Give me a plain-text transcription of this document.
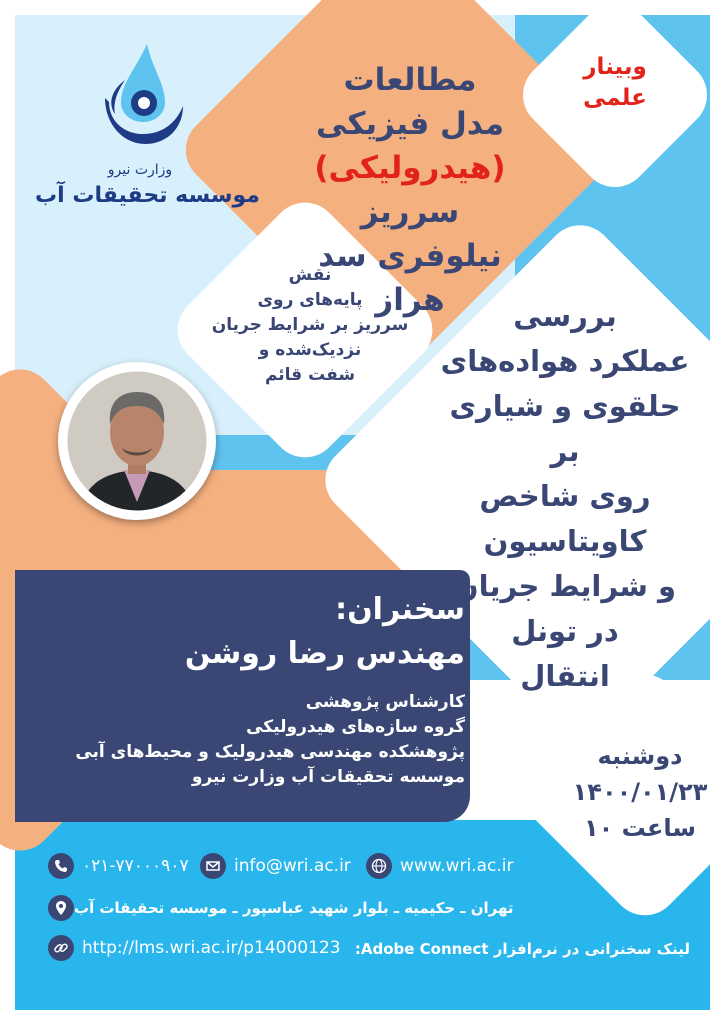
وزارت نیرو
موسسه تحقیقات آب
وبینار
علمی
مطالعات
مدل فیزیکی
(هیدرولیکی) سرریز
نیلوفری سد
هراز
نقش
پایه‌های روی
سرریز بر شرایط جریان
نزدیک‌شده و
شفت قائم
بررسی
عملکرد هواده‌های
حلقوی و شیاری بر
روی شاخص کاویتاسیون
و شرایط جریان
در تونل
انتقال
سخنران:
مهندس رضا روشن
کارشناس پژوهشی
گروه سازه‌های هیدرولیکی
پژوهشکده مهندسی هیدرولیک و محیط‌های آبی
موسسه تحقیقات آب وزارت نیرو
دوشنبه
۱۴۰۰/۰۱/۲۳
ساعت ۱۰
۰۲۱-۷۷۰۰۰۹۰۷	info@wri.ac.ir	www.wri.ac.ir
تهران ـ حکیمیه ـ بلوار شهید عباسپور ـ موسسه تحقیقات آب
http://lms.wri.ac.ir/p14000123 لینک سخنرانی در نرم‌افزار Adobe Connect:
